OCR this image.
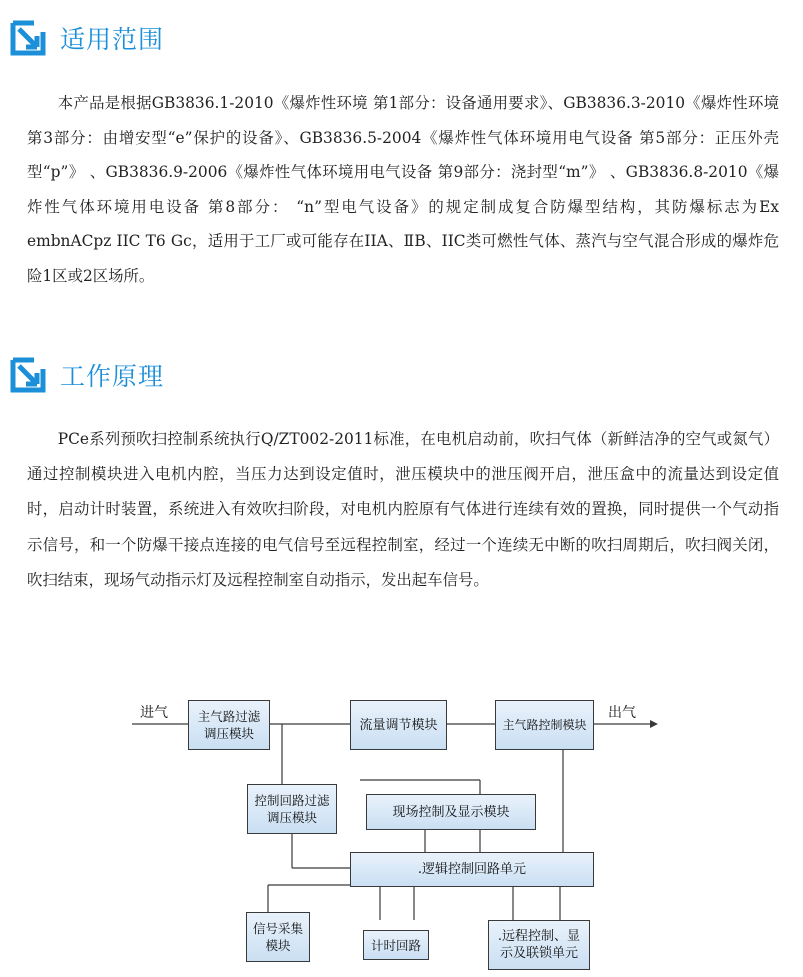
适用范围

本产品是根据GB3836.1-2010《爆炸性环境 第1部分：设备通用要求》、GB3836.3-2010《爆炸性环境 第3部分：由增安型“e”保护的设备》、GB3836.5-2004《爆炸性气体环境用电气设备 第5部分：正压外壳型“p”》 、GB3836.9-2006《爆炸性气体环境用电气设备 第9部分：浇封型“m”》 、GB3836.8-2010《爆炸性气体环境用电设备 第8部分： “n”型电气设备》的规定制成复合防爆型结构，其防爆标志为Ex embnACpz IIC T6 Gc，适用于工厂或可能存在IIA、ⅡB、IIC类可燃性气体、蒸汽与空气混合形成的爆炸危险1区或2区场所。

工作原理

PCe系列预吹扫控制系统执行Q/ZT002-2011标准，在电机启动前，吹扫气体（新鲜洁净的空气或氮气）通过控制模块进入电机内腔，当压力达到设定值时，泄压模块中的泄压阀开启，泄压盒中的流量达到设定值时，启动计时装置，系统进入有效吹扫阶段，对电机内腔原有气体进行连续有效的置换，同时提供一个气动指示信号，和一个防爆干接点连接的电气信号至远程控制室，经过一个连续无中断的吹扫周期后，吹扫阀关闭，吹扫结束，现场气动指示灯及远程控制室自动指示，发出起车信号。

进气	出气
主气路过滤
调压模块
流量调节模块	主气路控制模块
控制回路过滤
调压模块	现场控制及显示模块
.逻辑控制回路单元
信号采集
模块	计时回路
.远程控制、显
示及联锁单元
